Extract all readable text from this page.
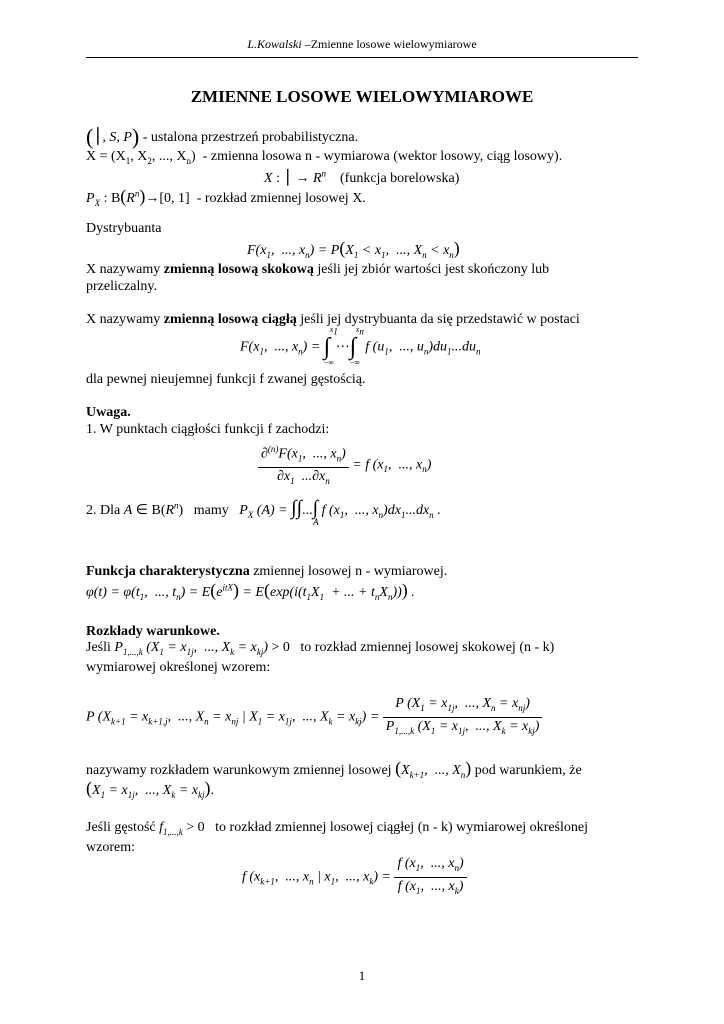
L.Kowalski –Zmienne losowe wielowymiarowe
ZMIENNE LOSOWE WIELOWYMIAROWE
(∣, S, P) - ustalona przestrzeń probabilistyczna.
$X = (X_1$, $X_2$, ..., $X_n$)  - zmienna losowa n - wymiarowa (wektor losowy, ciąg losowy).
X : ∣ → $R^n$ (funkcja borelowska)
$P_X$ : $B(R^n)\to[0$, 1]  - rozkład zmiennej losowej X.
Dystrybuanta
$F(x_1$,  ..., $x_n) = P(X_1 < x_1$,  ..., $X_n < x_n$)
X nazywamy zmienną losową skokową jeśli jej zbiór wartości jest skończony lub
przeliczalny.
X nazywamy zmienną losową ciągłą jeśli jej dystrybuanta da się przedstawić w postaci
$F(x_1$,  ..., $x_n$) = ∫
$x_1$
−∞
⋯∫
$x_n$
−∞
f ($u_1$,  ..., $u_n)du_1...du_n$
dla pewnej nieujemnej funkcji f zwanej gęstością.
Uwaga.
1. W punktach ciągłości funkcji f zachodzi:
$\frac{\partial^{(n)}F(x_1, ..., x_n)}{\partial x_1 ...\partial x_n} = f$ ($x_1$,  ..., $x_n$)
2. Dla A ∈ $B(R^n)$   mamy $P_X$ (A) = ∫∫...∫ f ($x_1$,  ..., $x_n)dx_1...dx_n$ .
A
Funkcja charakterystyczna zmiennej losowej n - wymiarowej.
$\varphi(t) = \varphi(t_1$,  ..., $t_n) = E(e^{itX}) = E(\exp(i(t_1X_1$  + ... + $t_nX_n$))) .
Rozkłady warunkowe.
Jeśli $P_{1,...,k}$ ($X_1 = x_{1j}$,  ..., $X_k = x_{kj}) > 0$   to rozkład zmiennej losowej skokowej (n - k)
wymiarowej określonej wzorem:
P ($X_{k+1} = x_{k+1,j}$,  ..., $X_n = x_{nj}$ | $X_1 = x_{1j}$,  ..., $X_k = x_{kj}) = \frac{P (X_1 = x_{1j}, ..., X_n = x_{nj})}{P_{1,...,k} (X_1 = x_{1j}, ..., X_k = x_{kj})}$
nazywamy rozkładem warunkowym zmiennej losowej ($X_{k+1}$,  ..., $X_n$) pod warunkiem, że
($X_1 = x_{1j}$,  ..., $X_k = x_{kj}$).
Jeśli gęstość $f_{1,...,k} > 0$   to rozkład zmiennej losowej ciągłej (n - k) wymiarowej określonej
wzorem:
f ($x_{k+1}$,  ..., $x_n$ | $x_1$,  ..., $x_k) = \frac{f (x_1, ..., x_n)}{f (x_1, ..., x_k)}$
1
